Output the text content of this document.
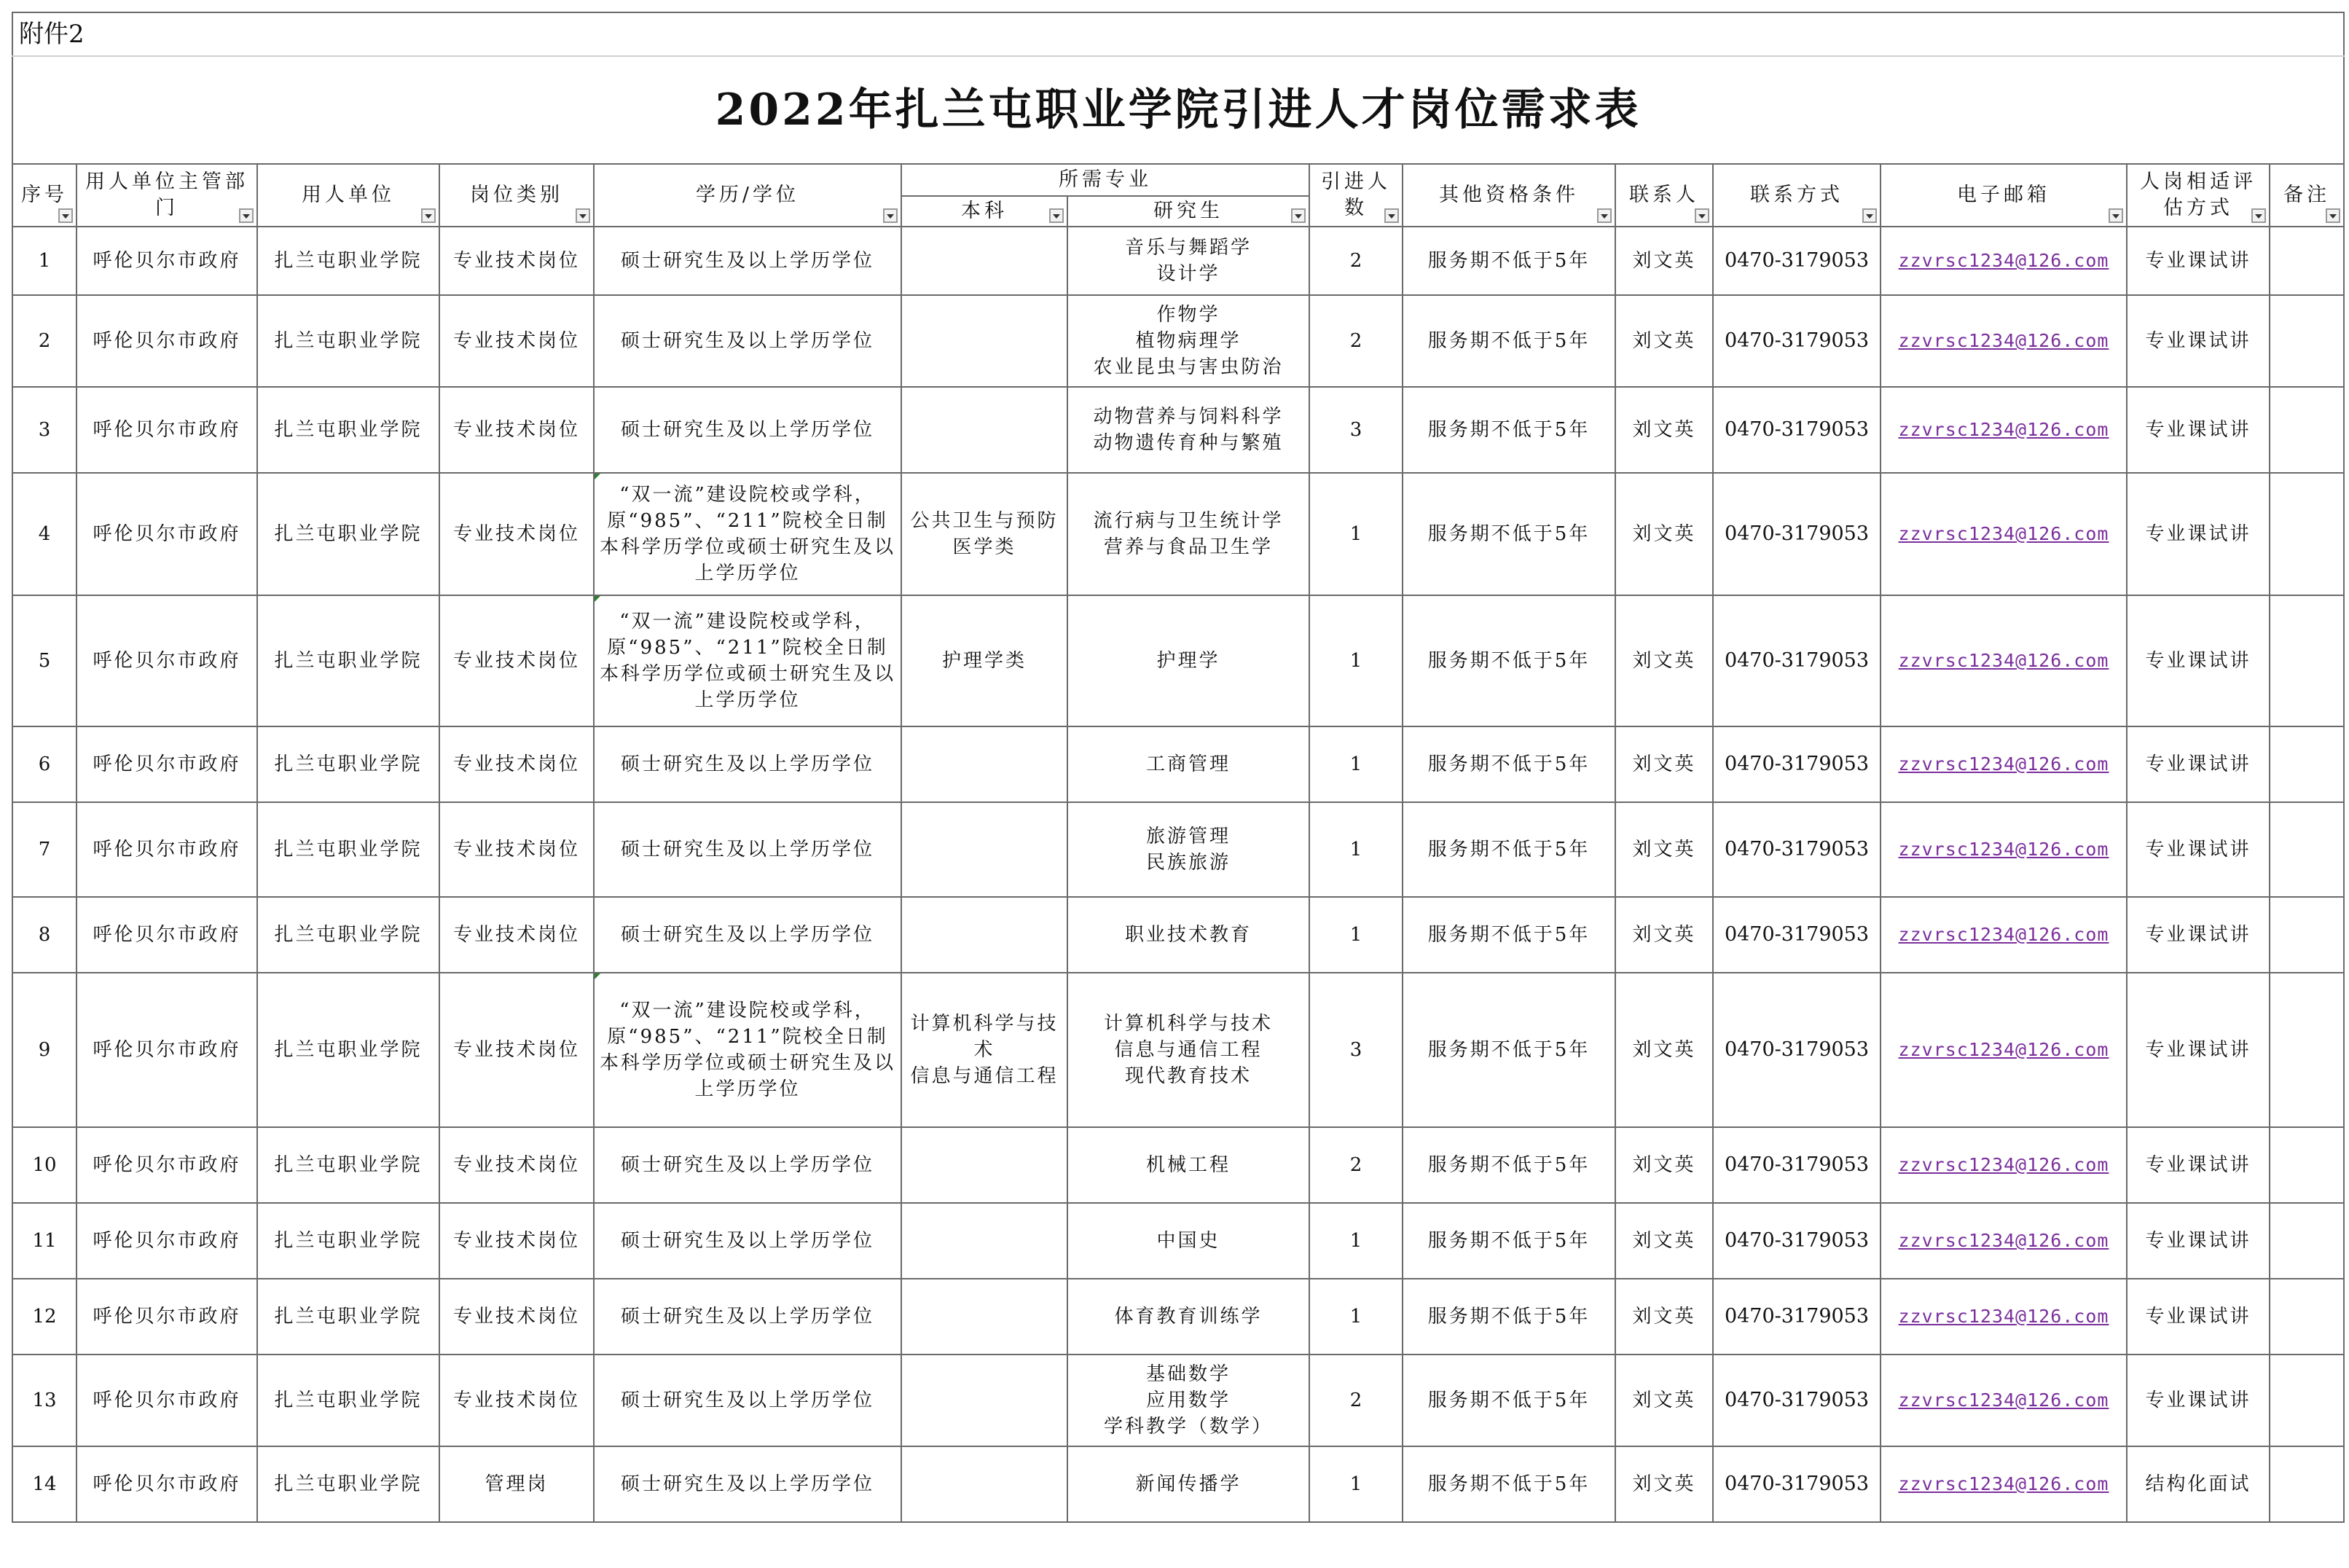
附件2													
2022年扎兰屯职业学院引进人才岗位需求表													
序号	用人单位主管部门	用人单位	岗位类别	学历/学位	所需专业		引进人数	其他资格条件	联系人	联系方式	电子邮箱	人岗相适评估方式	备注

					本科	研究生							

1	呼伦贝尔市政府	扎兰屯职业学院	专业技术岗位	硕士研究生及以上学历学位		音乐与舞蹈学
设计学	2	服务期不低于5年	刘文英	0470-3179053	zzvrsc1234@126.com	专业课试讲	
2	呼伦贝尔市政府	扎兰屯职业学院	专业技术岗位	硕士研究生及以上学历学位		作物学
植物病理学
农业昆虫与害虫防治	2	服务期不低于5年	刘文英	0470-3179053	zzvrsc1234@126.com	专业课试讲	
3	呼伦贝尔市政府	扎兰屯职业学院	专业技术岗位	硕士研究生及以上学历学位		动物营养与饲料科学
动物遗传育种与繁殖	3	服务期不低于5年	刘文英	0470-3179053	zzvrsc1234@126.com	专业课试讲	
4	呼伦贝尔市政府	扎兰屯职业学院	专业技术岗位	“双一流”建设院校或学科，原“985”、“211”院校全日制本科学历学位或硕士研究生及以上学历学位	公共卫生与预防医学类	流行病与卫生统计学
营养与食品卫生学	1	服务期不低于5年	刘文英	0470-3179053	zzvrsc1234@126.com	专业课试讲	
5	呼伦贝尔市政府	扎兰屯职业学院	专业技术岗位	“双一流”建设院校或学科，原“985”、“211”院校全日制本科学历学位或硕士研究生及以上学历学位	护理学类	护理学	1	服务期不低于5年	刘文英	0470-3179053	zzvrsc1234@126.com	专业课试讲	
6	呼伦贝尔市政府	扎兰屯职业学院	专业技术岗位	硕士研究生及以上学历学位		工商管理	1	服务期不低于5年	刘文英	0470-3179053	zzvrsc1234@126.com	专业课试讲	
7	呼伦贝尔市政府	扎兰屯职业学院	专业技术岗位	硕士研究生及以上学历学位		旅游管理
民族旅游	1	服务期不低于5年	刘文英	0470-3179053	zzvrsc1234@126.com	专业课试讲	
8	呼伦贝尔市政府	扎兰屯职业学院	专业技术岗位	硕士研究生及以上学历学位		职业技术教育	1	服务期不低于5年	刘文英	0470-3179053	zzvrsc1234@126.com	专业课试讲	
9	呼伦贝尔市政府	扎兰屯职业学院	专业技术岗位	“双一流”建设院校或学科，原“985”、“211”院校全日制本科学历学位或硕士研究生及以上学历学位	计算机科学与技术
信息与通信工程	计算机科学与技术
信息与通信工程
现代教育技术	3	服务期不低于5年	刘文英	0470-3179053	zzvrsc1234@126.com	专业课试讲	
10	呼伦贝尔市政府	扎兰屯职业学院	专业技术岗位	硕士研究生及以上学历学位		机械工程	2	服务期不低于5年	刘文英	0470-3179053	zzvrsc1234@126.com	专业课试讲	
11	呼伦贝尔市政府	扎兰屯职业学院	专业技术岗位	硕士研究生及以上学历学位		中国史	1	服务期不低于5年	刘文英	0470-3179053	zzvrsc1234@126.com	专业课试讲	
12	呼伦贝尔市政府	扎兰屯职业学院	专业技术岗位	硕士研究生及以上学历学位		体育教育训练学	1	服务期不低于5年	刘文英	0470-3179053	zzvrsc1234@126.com	专业课试讲	
13	呼伦贝尔市政府	扎兰屯职业学院	专业技术岗位	硕士研究生及以上学历学位		基础数学
应用数学
学科教学（数学）	2	服务期不低于5年	刘文英	0470-3179053	zzvrsc1234@126.com	专业课试讲	
14	呼伦贝尔市政府	扎兰屯职业学院	管理岗	硕士研究生及以上学历学位		新闻传播学	1	服务期不低于5年	刘文英	0470-3179053	zzvrsc1234@126.com	结构化面试	
